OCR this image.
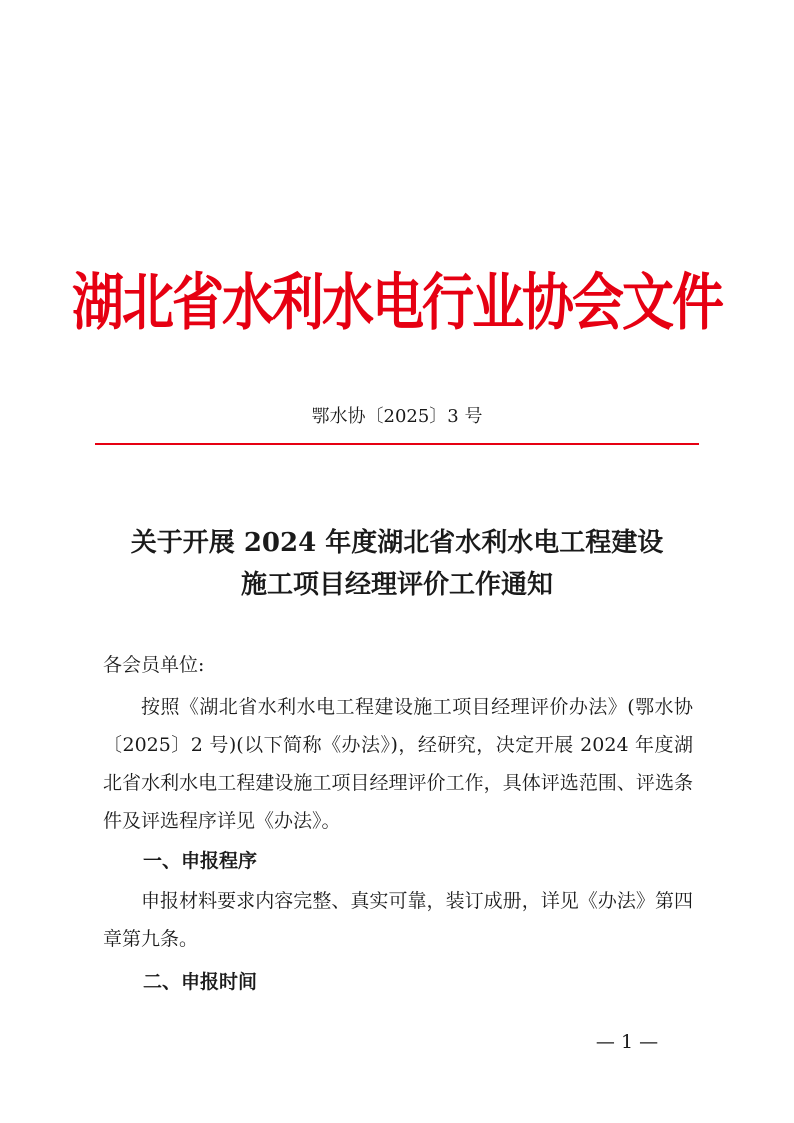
湖北省水利水电行业协会文件
鄂水协〔2025〕3 号
关于开展 2024 年度湖北省水利水电工程建设
施工项目经理评价工作通知
各会员单位:
按照《湖北省水利水电工程建设施工项目经理评价办法》(鄂水协〔2025〕2 号)(以下简称《办法》)，经研究，决定开展 2024 年度湖北省水利水电工程建设施工项目经理评价工作，具体评选范围、评选条件及评选程序详见《办法》。
一、申报程序
申报材料要求内容完整、真实可靠，装订成册，详见《办法》第四章第九条。
二、申报时间
— 1 —
